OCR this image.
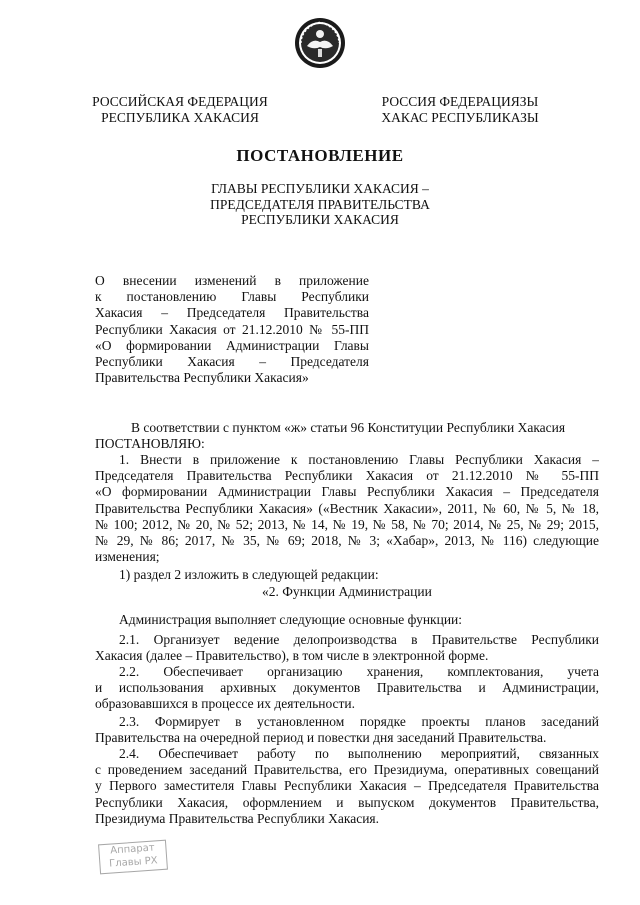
РОССИЙСКАЯ ФЕДЕРАЦИЯ
РЕСПУБЛИКА ХАКАСИЯ
РОССИЯ ФЕДЕРАЦИЯЗЫ
ХАКАС РЕСПУБЛИКАЗЫ
ПОСТАНОВЛЕНИЕ
ГЛАВЫ РЕСПУБЛИКИ ХАКАСИЯ –
ПРЕДСЕДАТЕЛЯ ПРАВИТЕЛЬСТВА
РЕСПУБЛИКИ ХАКАСИЯ
О внесении изменений в приложение
к постановлению Главы Республики
Хакасия – Председателя Правительства
Республики Хакасия от 21.12.2010 № 55-ПП
«О формировании Администрации Главы
Республики Хакасия – Председателя
Правительства Республики Хакасия»
В соответствии с пунктом «ж» статьи 96 Конституции Республики Хакасия
ПОСТАНОВЛЯЮ:
1. Внести в приложение к постановлению Главы Республики Хакасия –
Председателя Правительства Республики Хакасия от 21.12.2010 № 55-ПП
«О формировании Администрации Главы Республики Хакасия – Председателя
Правительства Республики Хакасия» («Вестник Хакасии», 2011, № 60, № 5, № 18,
№ 100; 2012, № 20, № 52; 2013, № 14, № 19, № 58, № 70; 2014, № 25, № 29; 2015,
№ 29, № 86; 2017, № 35, № 69; 2018, № 3; «Хабар», 2013, № 116) следующие
изменения;
1) раздел 2 изложить в следующей редакции:
«2. Функции Администрации
Администрация выполняет следующие основные функции:
2.1. Организует ведение делопроизводства в Правительстве Республики
Хакасия (далее – Правительство), в том числе в электронной форме.
2.2. Обеспечивает организацию хранения, комплектования, учета
и использования архивных документов Правительства и Администрации,
образовавшихся в процессе их деятельности.
2.3. Формирует в установленном порядке проекты планов заседаний
Правительства на очередной период и повестки дня заседаний Правительства.
2.4. Обеспечивает работу по выполнению мероприятий, связанных
с проведением заседаний Правительства, его Президиума, оперативных совещаний
у Первого заместителя Главы Республики Хакасия – Председателя Правительства
Республики Хакасия, оформлением и выпуском документов Правительства,
Президиума Правительства Республики Хакасия.
Аппарат
Главы РХ
